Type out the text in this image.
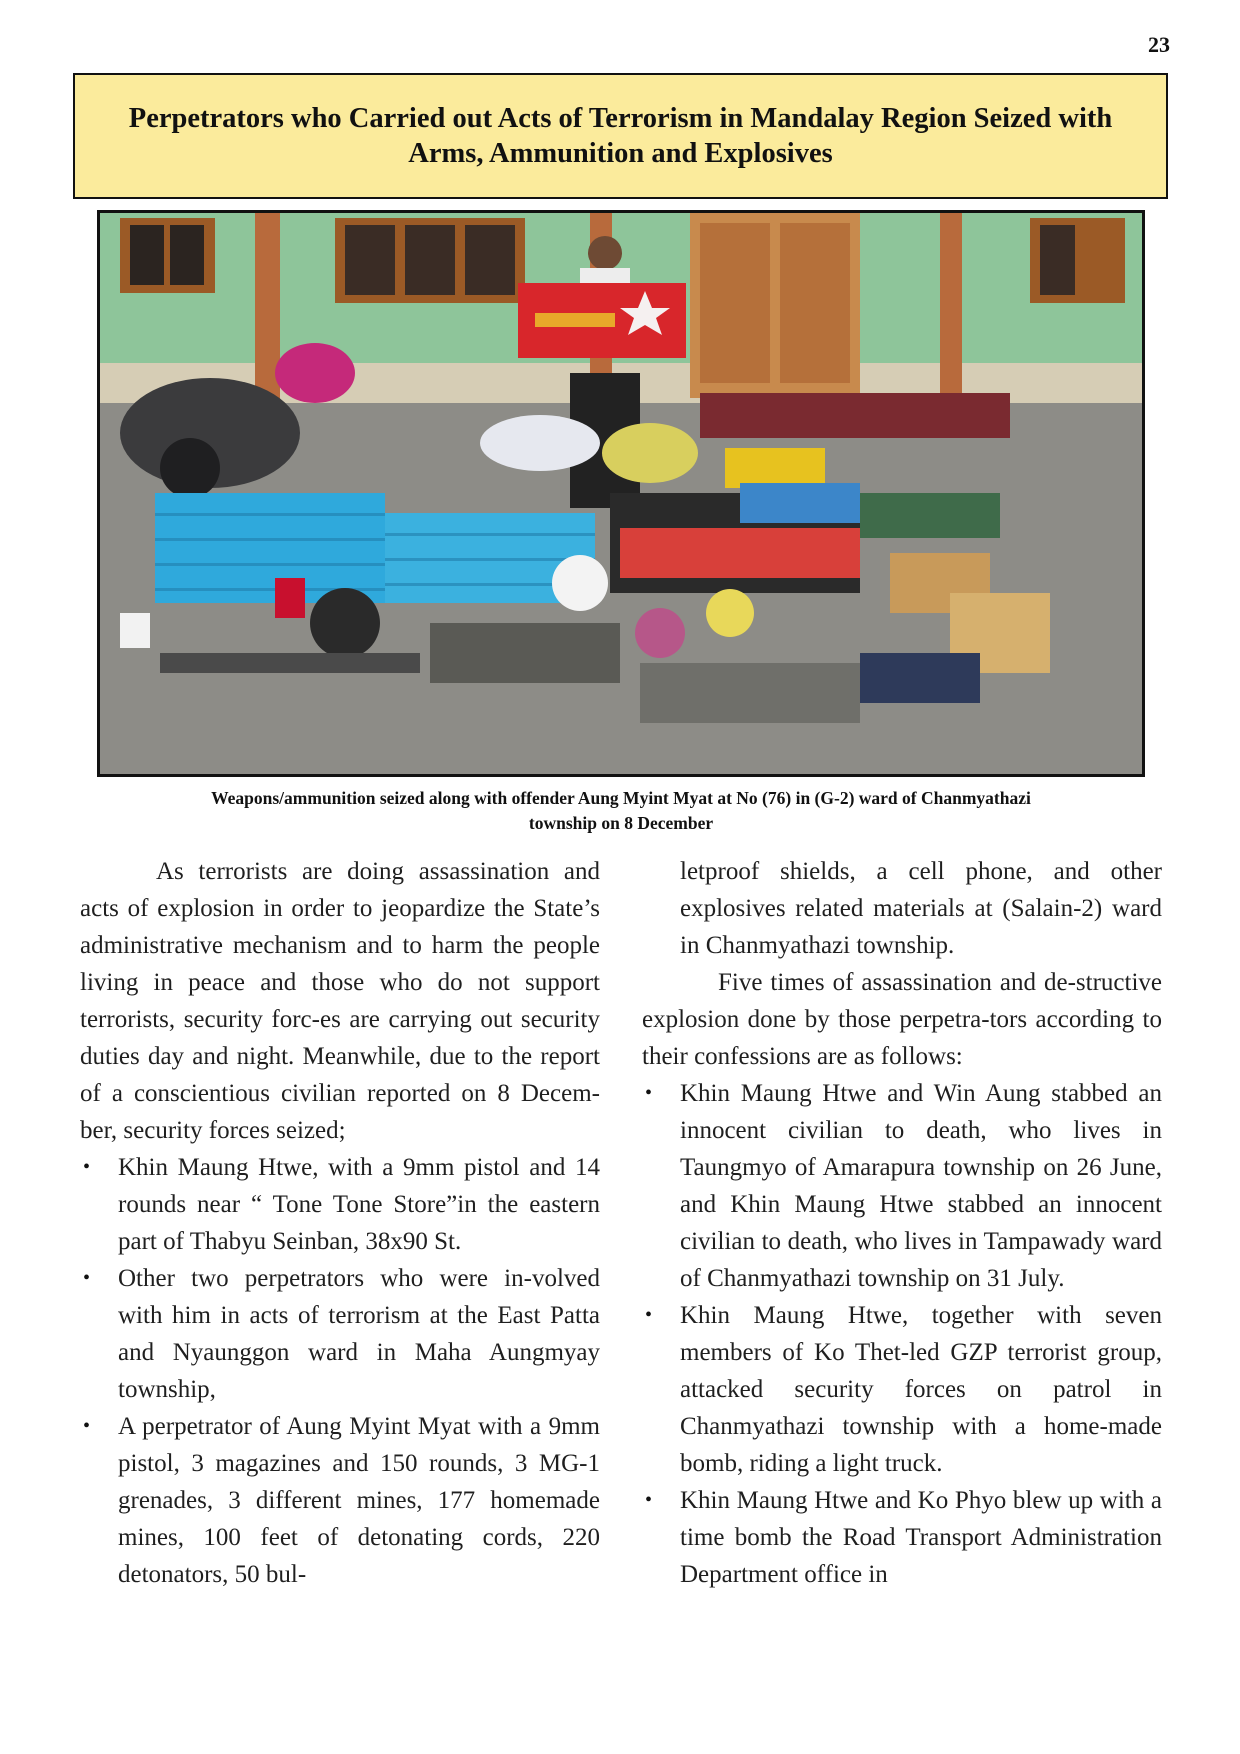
23
Perpetrators who Carried out Acts of Terrorism in Mandalay Region Seized with
Arms, Ammunition and Explosives
Weapons/ammunition seized along with offender Aung Myint Myat at No (76) in (G-2) ward of Chanmyathazi
township on 8 December

As terrorists are doing assassination and acts of explosion in order to jeopardize the State’s administrative mechanism and to harm the people living in peace and those who do not support terrorists, security forc-es are carrying out security duties day and night. Meanwhile, due to the report of a conscientious civilian reported on 8 Decem-ber, security forces seized;

• Khin Maung Htwe, with a 9mm pistol and 14 rounds near “ Tone Tone Store”in the eastern part of Thabyu Seinban, 38x90 St.
• Other two perpetrators who were in-volved with him in acts of terrorism at the East Patta and Nyaunggon ward in Maha Aungmyay township,
• A perpetrator of Aung Myint Myat with a 9mm pistol, 3 magazines and 150 rounds, 3 MG-1 grenades, 3 different mines, 177 homemade mines, 100 feet of detonating cords, 220 detonators, 50 bul-

letproof shields, a cell phone, and other explosives related materials at (Salain-2) ward in Chanmyathazi township.

Five times of assassination and de-structive explosion done by those perpetra-tors according to their confessions are as follows:

• Khin Maung Htwe and Win Aung stabbed an innocent civilian to death, who lives in Taungmyo of Amarapura township on 26 June, and Khin Maung Htwe stabbed an innocent civilian to death, who lives in Tampawady ward of Chanmyathazi township on 31 July.
• Khin Maung Htwe, together with seven members of Ko Thet-led GZP terrorist group, attacked security forces on patrol in Chanmyathazi township with a home-made bomb, riding a light truck.
• Khin Maung Htwe and Ko Phyo blew up with a time bomb the Road Transport Administration Department office in
